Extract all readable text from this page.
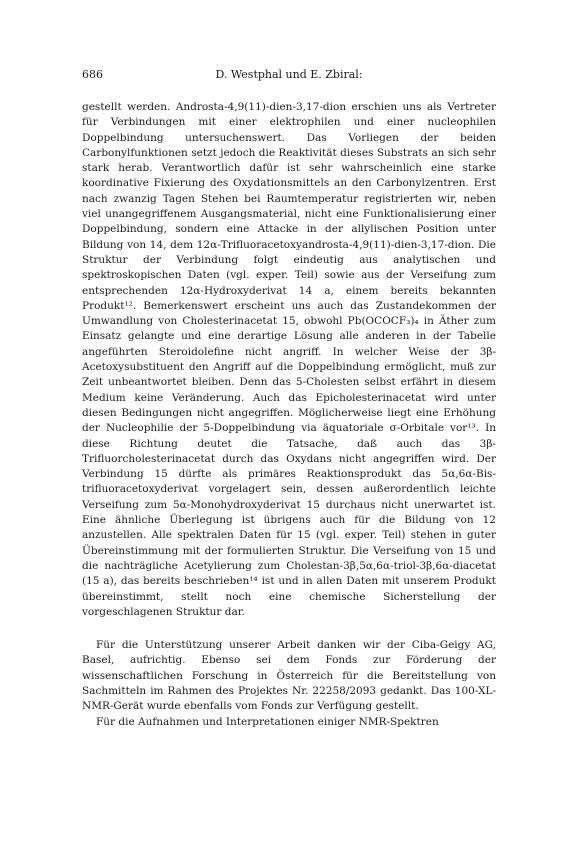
686	D. Westphal und E. Zbiral:

gestellt werden. Androsta-4,9(11)-dien-3,17-dion erschien uns als Vertreter für Verbindungen mit einer elektrophilen und einer nucleophilen Doppelbindung untersuchenswert. Das Vorliegen der beiden Carbonylfunktionen setzt jedoch die Reaktivität dieses Substrats an sich sehr stark herab. Verantwortlich dafür ist sehr wahrscheinlich eine starke koordinative Fixierung des Oxydationsmittels an den Carbonylzentren. Erst nach zwanzig Tagen Stehen bei Raumtemperatur registrierten wir, neben viel unangegriffenem Ausgangsmaterial, nicht eine Funktionalisierung einer Doppelbindung, sondern eine Attacke in der allylischen Position unter Bildung von 14, dem 12α-Trifluoracetoxyandrosta-4,9(11)-dien-3,17-dion. Die Struktur der Verbindung folgt eindeutig aus analytischen und spektroskopischen Daten (vgl. exper. Teil) sowie aus der Verseifung zum entsprechenden 12α-Hydroxyderivat 14 a, einem bereits bekannten Produkt¹². Bemerkenswert erscheint uns auch das Zustandekommen der Umwandlung von Cholesterinacetat 15, obwohl Pb(OCOCF₃)₄ in Äther zum Einsatz gelangte und eine derartige Lösung alle anderen in der Tabelle angeführten Steroidolefine nicht angriff. In welcher Weise der 3β-Acetoxysubstituent den Angriff auf die Doppelbindung ermöglicht, muß zur Zeit unbeantwortet bleiben. Denn das 5-Cholesten selbst erfährt in diesem Medium keine Veränderung. Auch das Epicholesterinacetat wird unter diesen Bedingungen nicht angegriffen. Möglicherweise liegt eine Erhöhung der Nucleophilie der 5-Doppelbindung via äquatoriale σ-Orbitale vor¹³. In diese Richtung deutet die Tatsache, daß auch das 3β-Trifluorcholesterinacetat durch das Oxydans nicht angegriffen wird. Der Verbindung 15 dürfte als primäres Reaktionsprodukt das 5α,6α-Bis-trifluoracetoxyderivat vorgelagert sein, dessen außerordentlich leichte Verseifung zum 5α-Monohydroxyderivat 15 durchaus nicht unerwartet ist. Eine ähnliche Überlegung ist übrigens auch für die Bildung von 12 anzustellen. Alle spektralen Daten für 15 (vgl. exper. Teil) stehen in guter Übereinstimmung mit der formulierten Struktur. Die Verseifung von 15 und die nachträgliche Acetylierung zum Cholestan-3β,5α,6α-triol-3β,6α-diacetat (15 a), das bereits beschrieben¹⁴ ist und in allen Daten mit unserem Produkt übereinstimmt, stellt noch eine chemische Sicherstellung der vorgeschlagenen Struktur dar.

Für die Unterstützung unserer Arbeit danken wir der Ciba-Geigy AG, Basel, aufrichtig. Ebenso sei dem Fonds zur Förderung der wissenschaftlichen Forschung in Österreich für die Bereitstellung von Sachmitteln im Rahmen des Projektes Nr. 22258/2093 gedankt. Das 100-XL-NMR-Gerät wurde ebenfalls vom Fonds zur Verfügung gestellt.

Für die Aufnahmen und Interpretationen einiger NMR-Spektren
